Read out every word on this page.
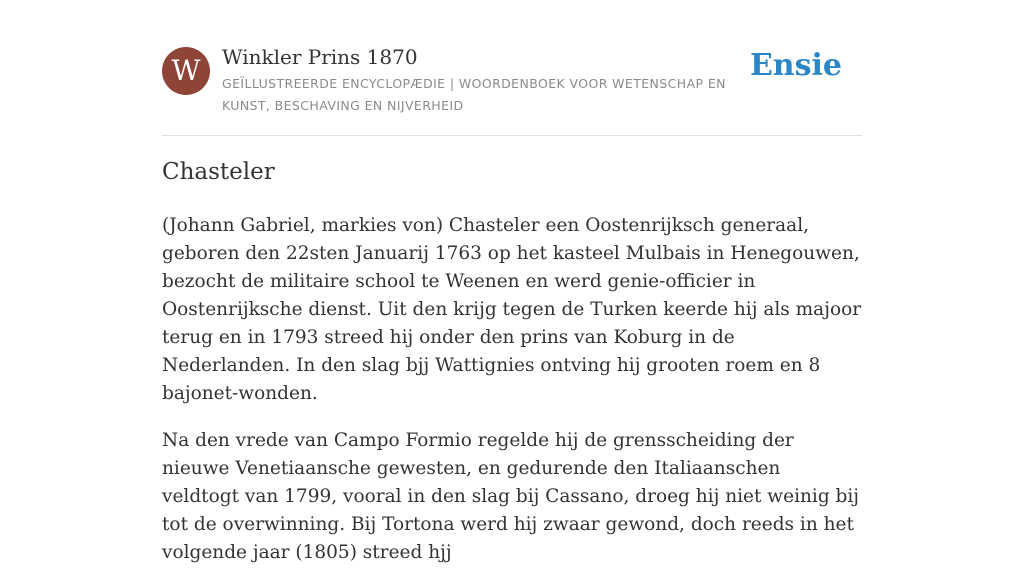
W	Winkler Prins 1870
GEÏLLUSTREERDE ENCYCLOPÆDIE | WOORDENBOEK VOOR WETENSCHAP EN KUNST, BESCHAVING EN NIJVERHEID
Ensie
Chasteler

(Johann Gabriel, markies von) Chasteler een Oostenrijksch generaal, geboren den 22sten Januarij 1763 op het kasteel Mulbais in Henegouwen, bezocht de militaire school te Weenen en werd genie-officier in Oostenrijksche dienst. Uit den krijg tegen de Turken keerde hij als majoor terug en in 1793 streed hij onder den prins van Koburg in de Nederlanden. In den slag bjj Wattignies ontving hij grooten roem en 8 bajonet-wonden.

Na den vrede van Campo Formio regelde hij de grensscheiding der nieuwe Venetiaansche gewesten, en gedurende den Italiaanschen veldtogt van 1799, vooral in den slag bij Cassano, droeg hij niet weinig bij tot de overwinning. Bij Tortona werd hij zwaar gewond, doch reeds in het volgende jaar (1805) streed hjj
